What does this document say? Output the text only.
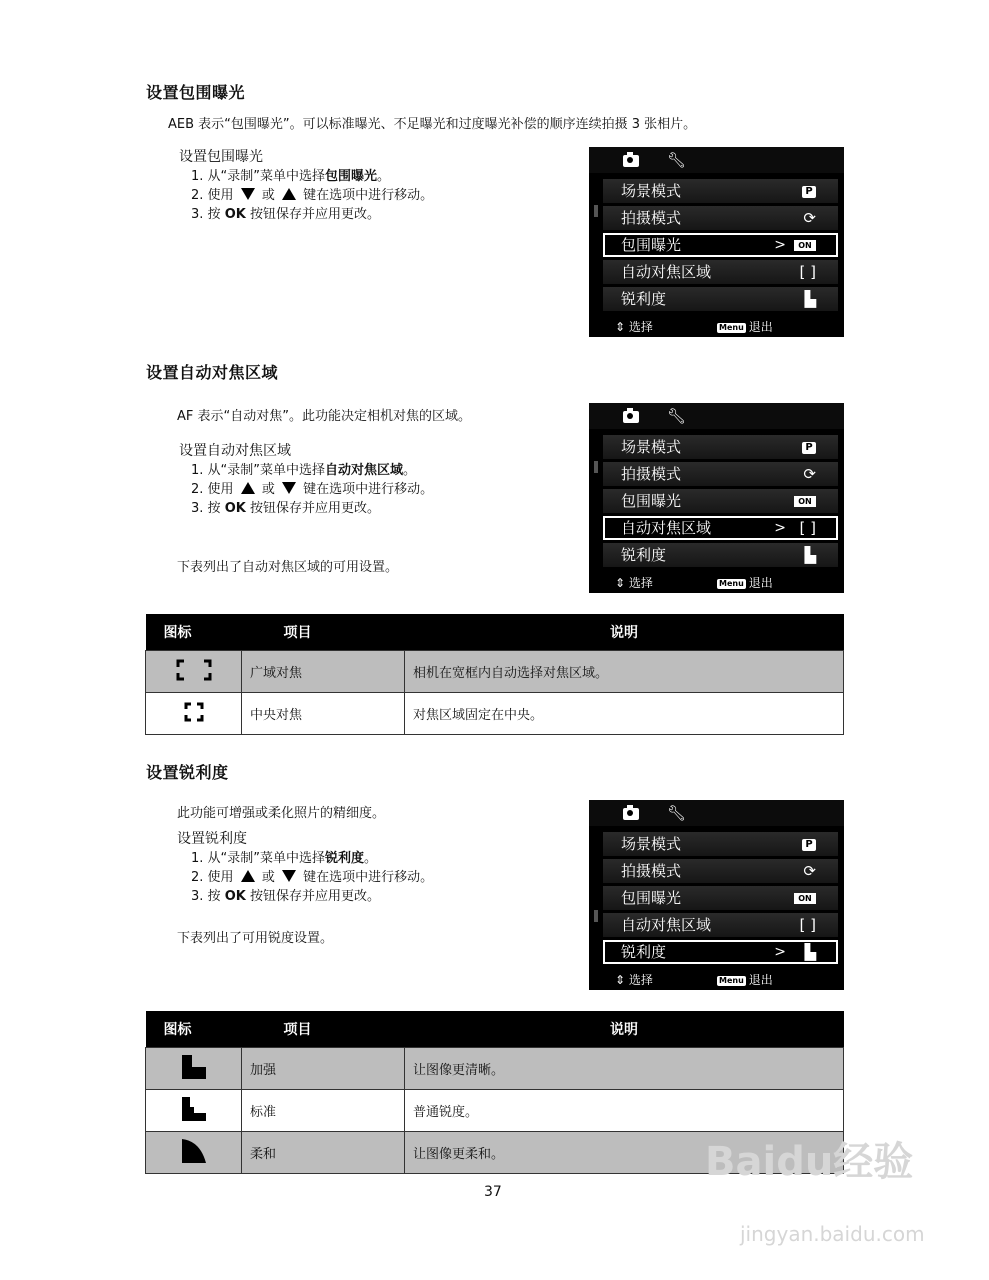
设置包围曝光
AEB 表示“包围曝光”。可以标准曝光、不足曝光和过度曝光补偿的顺序连续拍摄 3 张相片。
设置包围曝光
1. 从“录制”菜单中选择包围曝光。
2. 使用 或 键在选项中进行移动。
3. 按 OK 按钮保存并应用更改。
🔧︎
场景模式	P
拍摄模式	⟳
包围曝光	>	ON
自动对焦区域	[ ]
锐利度	▙
⇕ 选择	Menu 退出
设置自动对焦区域
AF 表示“自动对焦”。此功能决定相机对焦的区域。
设置自动对焦区域
1. 从“录制”菜单中选择自动对焦区域。
2. 使用 或 键在选项中进行移动。
3. 按 OK 按钮保存并应用更改。
下表列出了自动对焦区域的可用设置。
🔧︎
场景模式	P
拍摄模式	⟳
包围曝光	ON
自动对焦区域	> [ ]
锐利度	▙
⇕ 选择	Menu 退出
图标	项目	说明
	广域对焦	相机在宽框内自动选择对焦区域。
	中央对焦	对焦区域固定在中央。
设置锐利度
此功能可增强或柔化照片的精细度。
设置锐利度
1. 从“录制”菜单中选择锐利度。
2. 使用 或 键在选项中进行移动。
3. 按 OK 按钮保存并应用更改。
下表列出了可用锐度设置。
🔧︎
场景模式	P
拍摄模式	⟳
包围曝光	ON
自动对焦区域	[ ]
锐利度	> ▙
⇕ 选择	Menu 退出
图标	项目	说明
	加强	让图像更清晰。
	标准	普通锐度。
	柔和	让图像更柔和。
37
Baidu经验
jingyan.baidu.com
